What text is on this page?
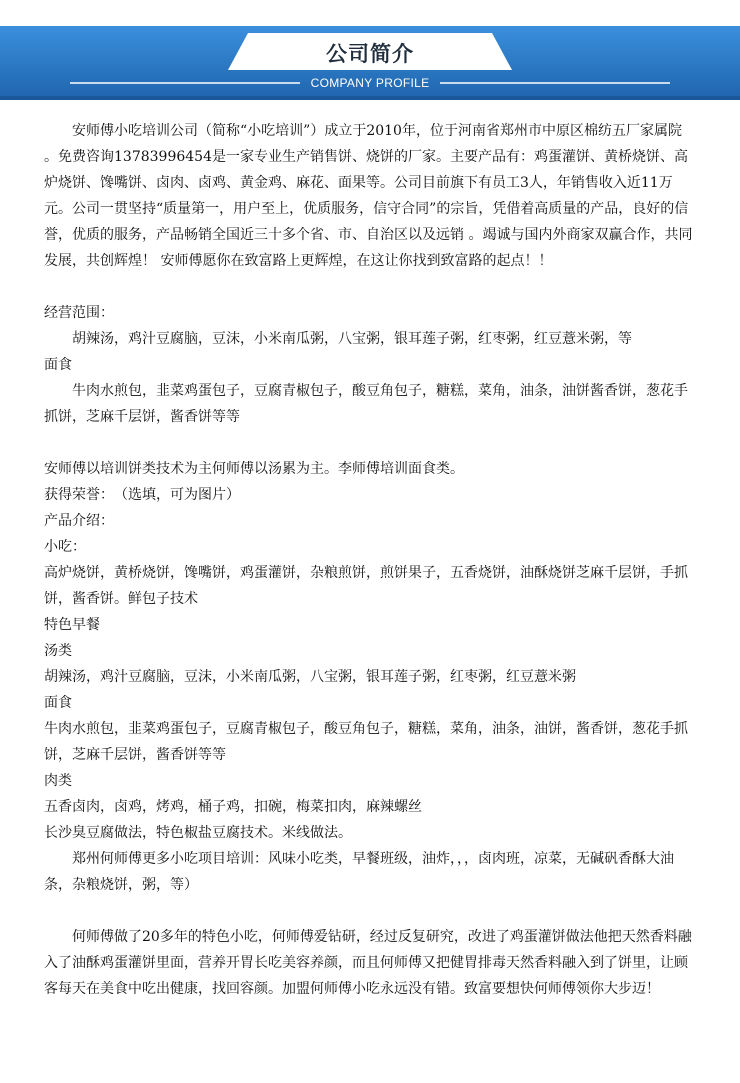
公司简介
COMPANY PROFILE

安师傅小吃培训公司（简称“小吃培训”）成立于2010年，位于河南省郑州市中原区棉纺五厂家属院 。免费咨询13783996454是一家专业生产销售饼、烧饼的厂家。主要产品有：鸡蛋灌饼、黄桥烧饼、高炉烧饼、馋嘴饼、卤肉、卤鸡、黄金鸡、麻花、面果等。公司目前旗下有员工3人，年销售收入近11万元。公司一贯坚持“质量第一，用户至上，优质服务，信守合同”的宗旨，凭借着高质量的产品，良好的信誉，优质的服务，产品畅销全国近三十多个省、市、自治区以及远销 。竭诚与国内外商家双赢合作，共同发展，共创辉煌！ 安师傅愿你在致富路上更辉煌，在这让你找到致富路的起点！！

经营范围：

胡辣汤，鸡汁豆腐脑，豆沫，小米南瓜粥，八宝粥，银耳莲子粥，红枣粥，红豆薏米粥，等

面食

牛肉水煎包，韭菜鸡蛋包子，豆腐青椒包子，酸豆角包子，糖糕，菜角，油条，油饼酱香饼，葱花手抓饼，芝麻千层饼，酱香饼等等

安师傅以培训饼类技术为主何师傅以汤累为主。李师傅培训面食类。

获得荣誉：　（选填，可为图片）

产品介绍：

小吃：

高炉烧饼，黄桥烧饼，馋嘴饼，鸡蛋灌饼，杂粮煎饼，煎饼果子，五香烧饼，油酥烧饼芝麻千层饼，手抓饼，酱香饼。鲜包子技术

特色早餐

汤类

胡辣汤，鸡汁豆腐脑，豆沫，小米南瓜粥，八宝粥，银耳莲子粥，红枣粥，红豆薏米粥

面食

牛肉水煎包，韭菜鸡蛋包子，豆腐青椒包子，酸豆角包子，糖糕，菜角，油条，油饼，酱香饼，葱花手抓饼，芝麻千层饼，酱香饼等等

肉类

五香卤肉，卤鸡，烤鸡，桶子鸡，扣碗，梅菜扣肉，麻辣螺丝

长沙臭豆腐做法，特色椒盐豆腐技术。米线做法。

郑州何师傅更多小吃项目培训：风味小吃类，早餐班级，油炸，，，卤肉班，凉菜，无碱矾香酥大油条，杂粮烧饼，粥，等）

何师傅做了20多年的特色小吃，何师傅爱钻研，经过反复研究，改进了鸡蛋灌饼做法他把天然香料融入了油酥鸡蛋灌饼里面，营养开胃长吃美容养颜，而且何师傅又把健胃排毒天然香料融入到了饼里，让顾客每天在美食中吃出健康，找回容颜。加盟何师傅小吃永远没有错。致富要想快何师傅领你大步迈！
